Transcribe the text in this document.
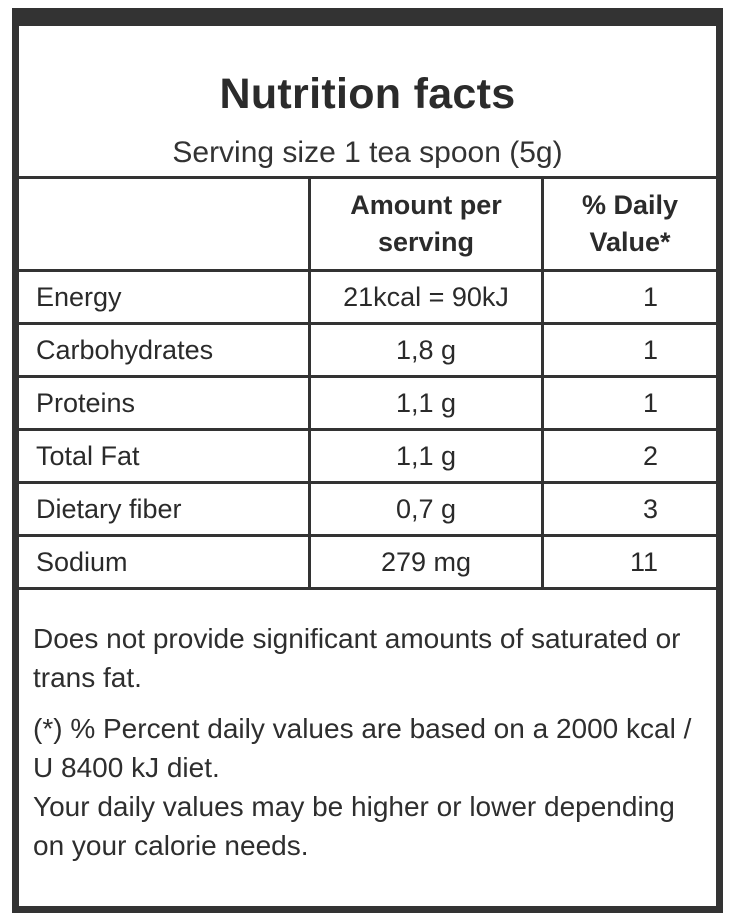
Nutrition facts
Serving size 1 tea spoon (5g)
	Amount per serving	% Daily Value*
Energy	21kcal = 90kJ	1
Carbohydrates	1,8 g	1
Proteins	1,1 g	1
Total Fat	1,1 g	2
Dietary fiber	0,7 g	3
Sodium	279 mg	11

Does not provide significant amounts of saturated or trans fat.

(*) % Percent daily values are based on a 2000 kcal / U 8400 kJ diet.

Your daily values may be higher or lower depending on your calorie needs.
